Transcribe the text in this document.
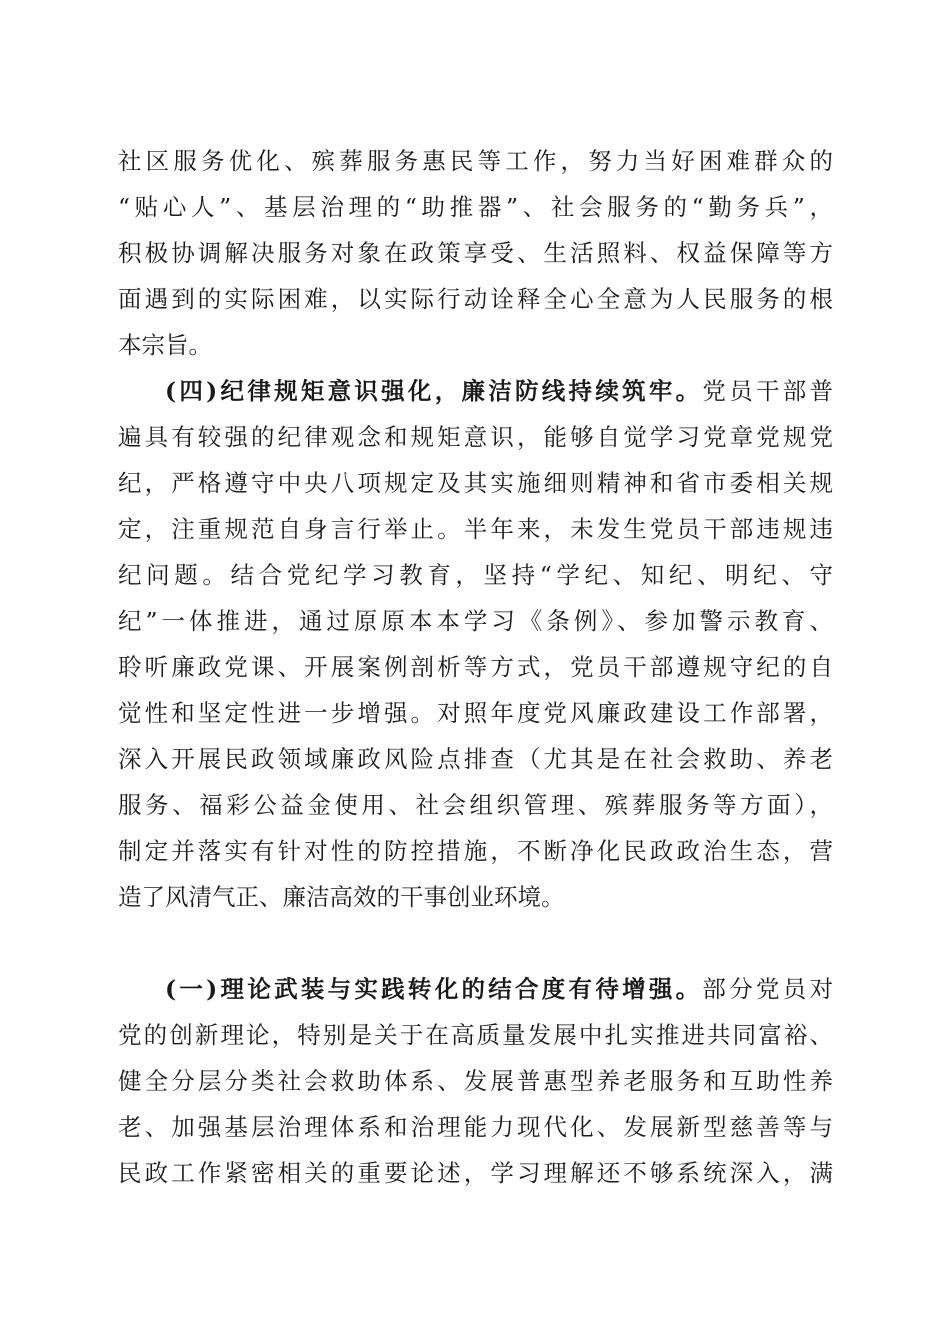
社区服务优化、殡葬服务惠民等工作，努力当好困难群众的
“贴心人”、基层治理的“助推器”、社会服务的“勤务兵”，
积极协调解决服务对象在政策享受、生活照料、权益保障等方
面遇到的实际困难，以实际行动诠释全心全意为人民服务的根
本宗旨。
(四)纪律规矩意识强化，廉洁防线持续筑牢。党员干部普
遍具有较强的纪律观念和规矩意识，能够自觉学习党章党规党
纪，严格遵守中央八项规定及其实施细则精神和省市委相关规
定，注重规范自身言行举止。半年来，未发生党员干部违规违
纪问题。结合党纪学习教育，坚持“学纪、知纪、明纪、守
纪”一体推进，通过原原本本学习《条例》、参加警示教育、
聆听廉政党课、开展案例剖析等方式，党员干部遵规守纪的自
觉性和坚定性进一步增强。对照年度党风廉政建设工作部署，
深入开展民政领域廉政风险点排查（尤其是在社会救助、养老
服务、福彩公益金使用、社会组织管理、殡葬服务等方面），
制定并落实有针对性的防控措施，不断净化民政政治生态，营
造了风清气正、廉洁高效的干事创业环境。
(一)理论武装与实践转化的结合度有待增强。部分党员对
党的创新理论，特别是关于在高质量发展中扎实推进共同富裕、
健全分层分类社会救助体系、发展普惠型养老服务和互助性养
老、加强基层治理体系和治理能力现代化、发展新型慈善等与
民政工作紧密相关的重要论述，学习理解还不够系统深入，满
